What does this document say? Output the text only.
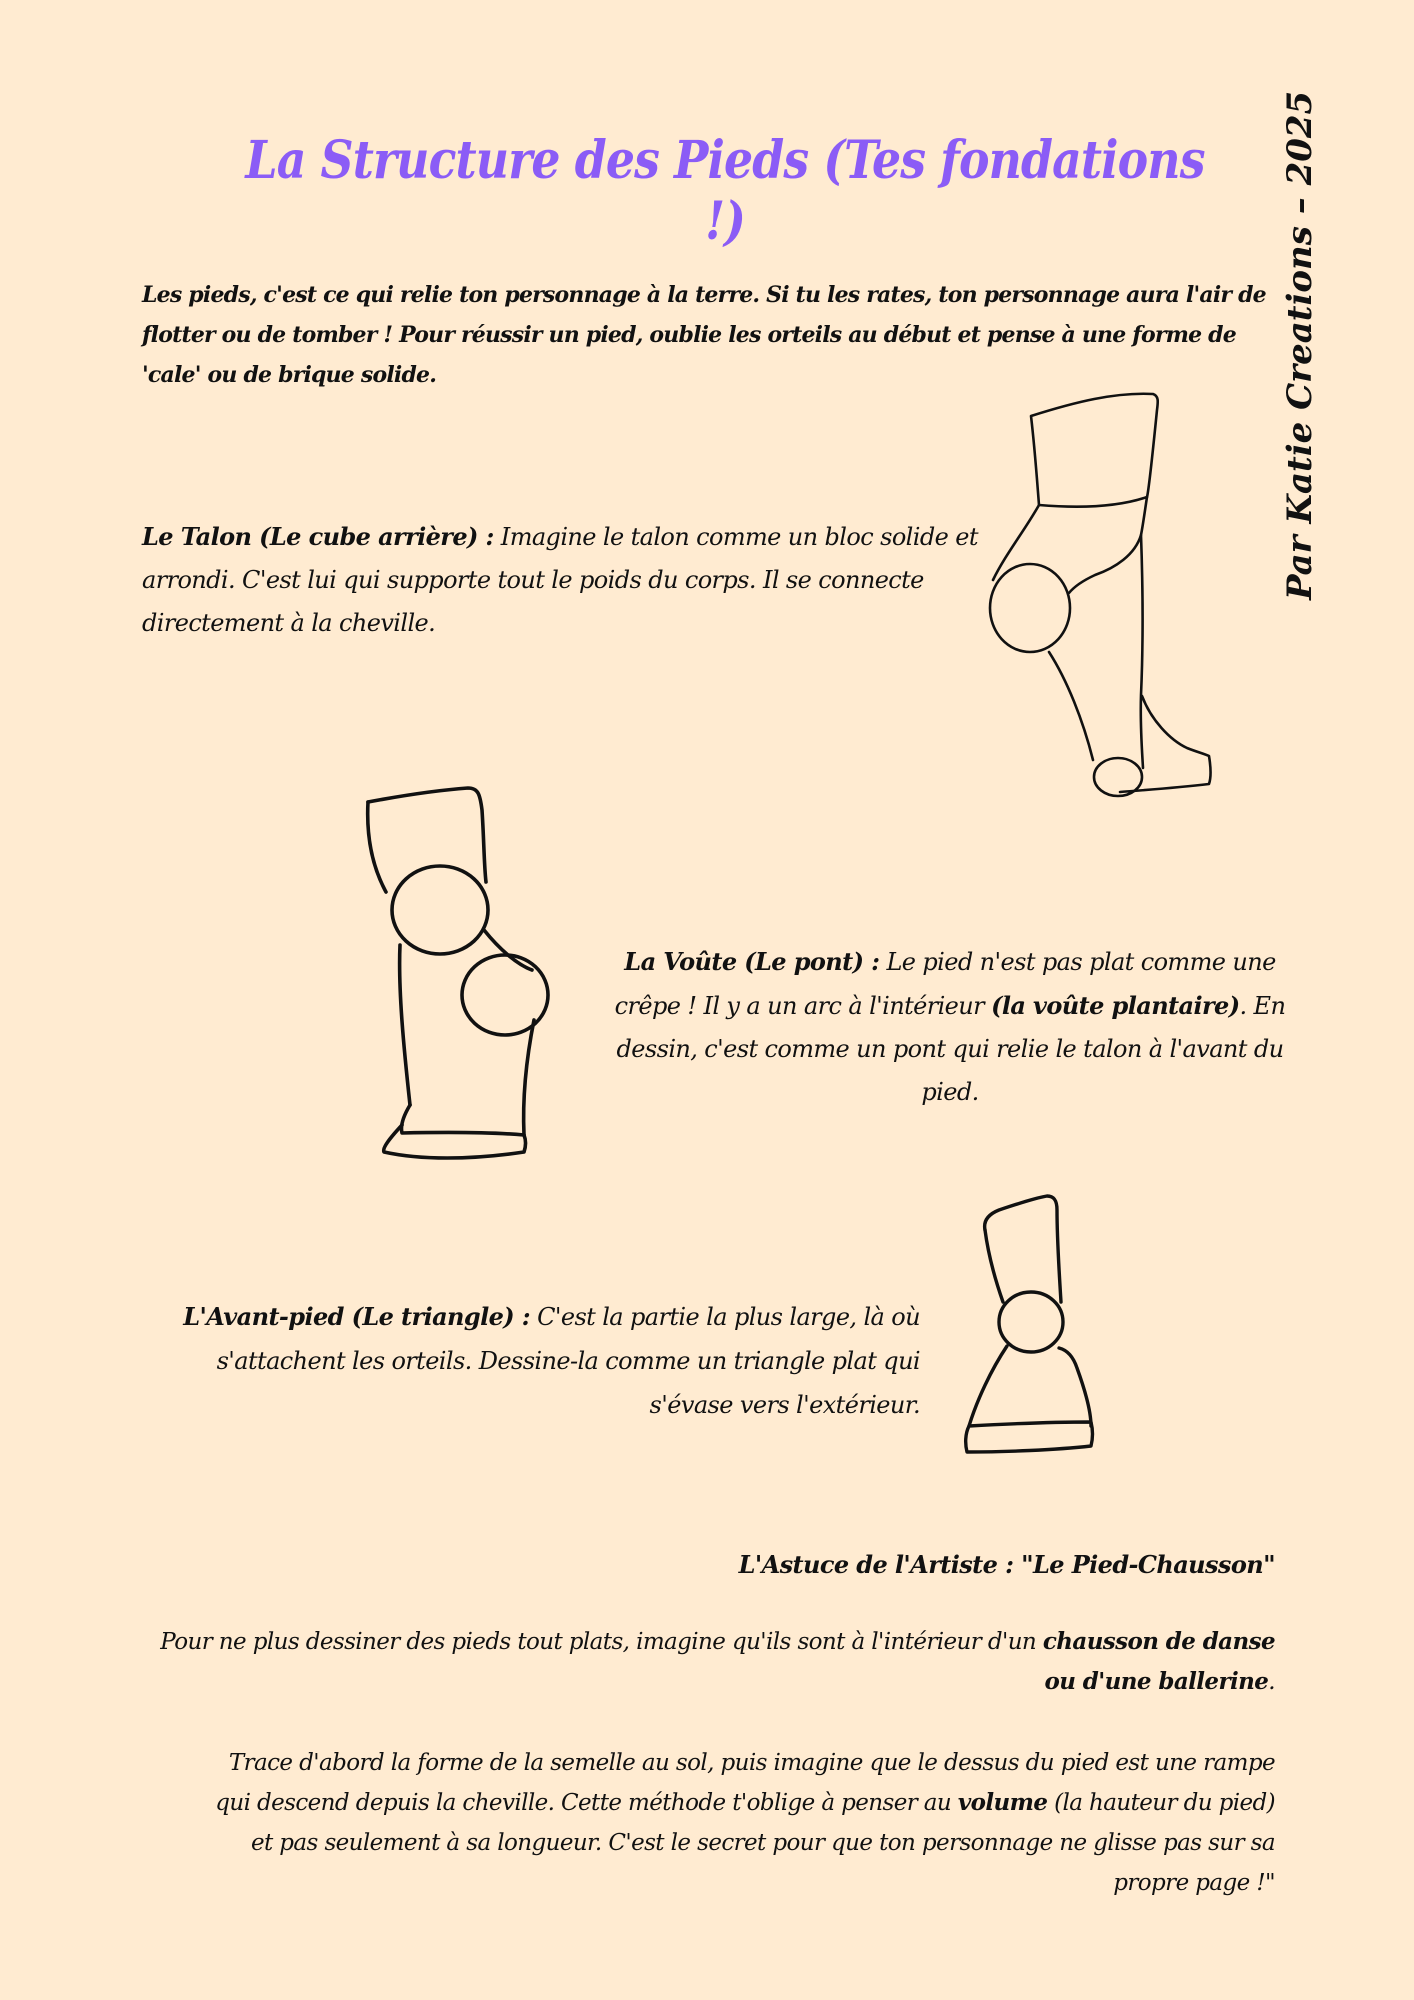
La Structure des Pieds (Tes fondations !)	Par Katie Creations – 2025

Les pieds, c'est ce qui relie ton personnage à la terre. Si tu les rates, ton personnage aura l'air de flotter ou de tomber ! Pour réussir un pied, oublie les orteils au début et pense à une forme de 'cale' ou de brique solide.

Le Talon (Le cube arrière) : Imagine le talon comme un bloc solide et arrondi. C'est lui qui supporte tout le poids du corps. Il se connecte directement à la cheville.

La Voûte (Le pont) : Le pied n'est pas plat comme une crêpe ! Il y a un arc à l'intérieur (la voûte plantaire). En dessin, c'est comme un pont qui relie le talon à l'avant du pied.

L'Avant-pied (Le triangle) : C'est la partie la plus large, là où s'attachent les orteils. Dessine-la comme un triangle plat qui s'évase vers l'extérieur.

L'Astuce de l'Artiste : "Le Pied-Chausson"

Pour ne plus dessiner des pieds tout plats, imagine qu'ils sont à l'intérieur d'un chausson de danse ou d'une ballerine.

Trace d'abord la forme de la semelle au sol, puis imagine que le dessus du pied est une rampe qui descend depuis la cheville. Cette méthode t'oblige à penser au volume (la hauteur du pied) et pas seulement à sa longueur. C'est le secret pour que ton personnage ne glisse pas sur sa propre page !"
